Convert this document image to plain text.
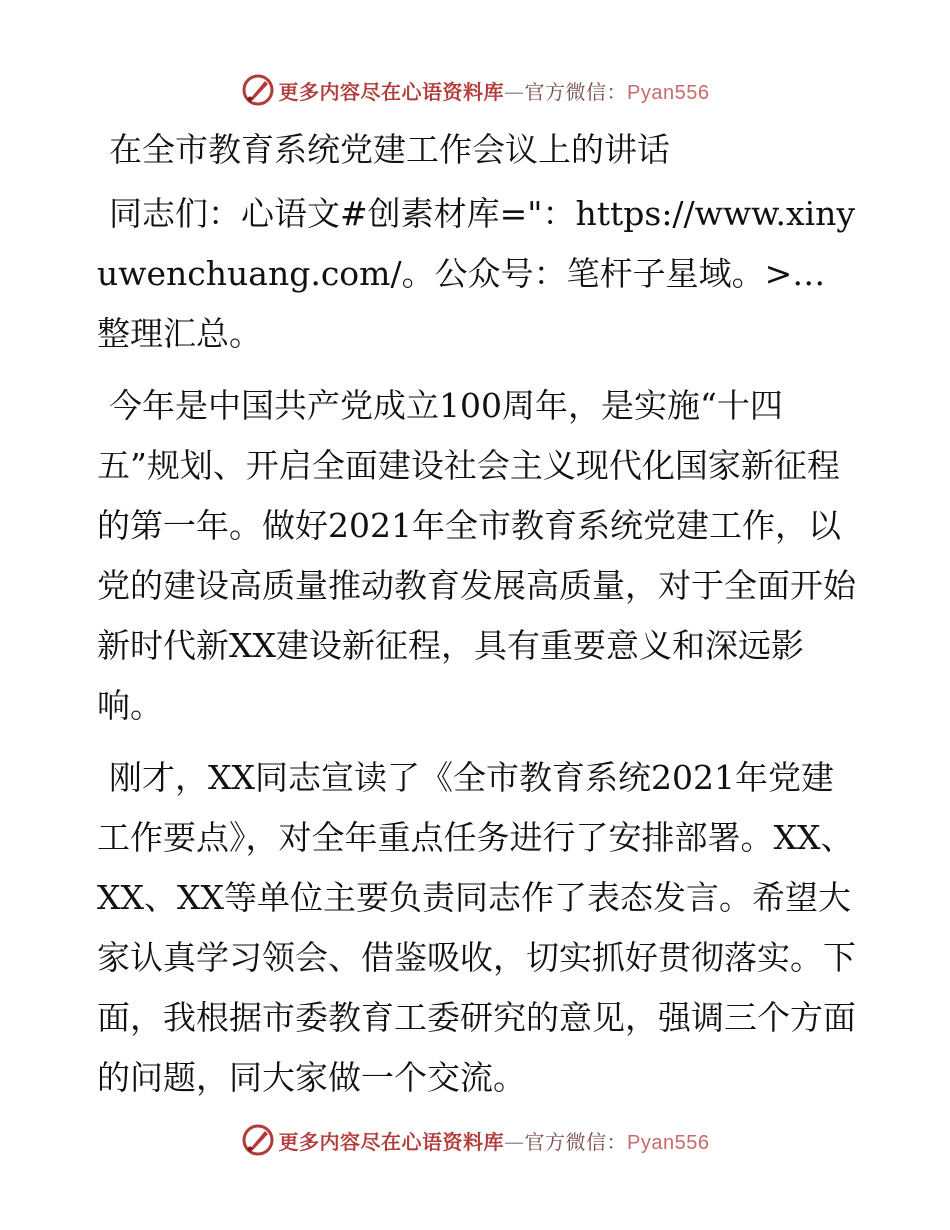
更多内容尽在心语资料库—官方微信：Pyan556
在全市教育系统党建工作会议上的讲话
同志们：心语文#创素材库="：https://www.xinyuwenchuang.com/。公众号：笔杆子星域。>…整理汇总。
今年是中国共产党成立100周年，是实施“十四五”规划、开启全面建设社会主义现代化国家新征程的第一年。做好2021年全市教育系统党建工作，以党的建设高质量推动教育发展高质量，对于全面开始新时代新XX建设新征程，具有重要意义和深远影响。
刚才，XX同志宣读了《全市教育系统2021年党建工作要点》，对全年重点任务进行了安排部署。XX、XX、XX等单位主要负责同志作了表态发言。希望大家认真学习领会、借鉴吸收，切实抓好贯彻落实。下面，我根据市委教育工委研究的意见，强调三个方面的问题，同大家做一个交流。
更多内容尽在心语资料库—官方微信：Pyan556
